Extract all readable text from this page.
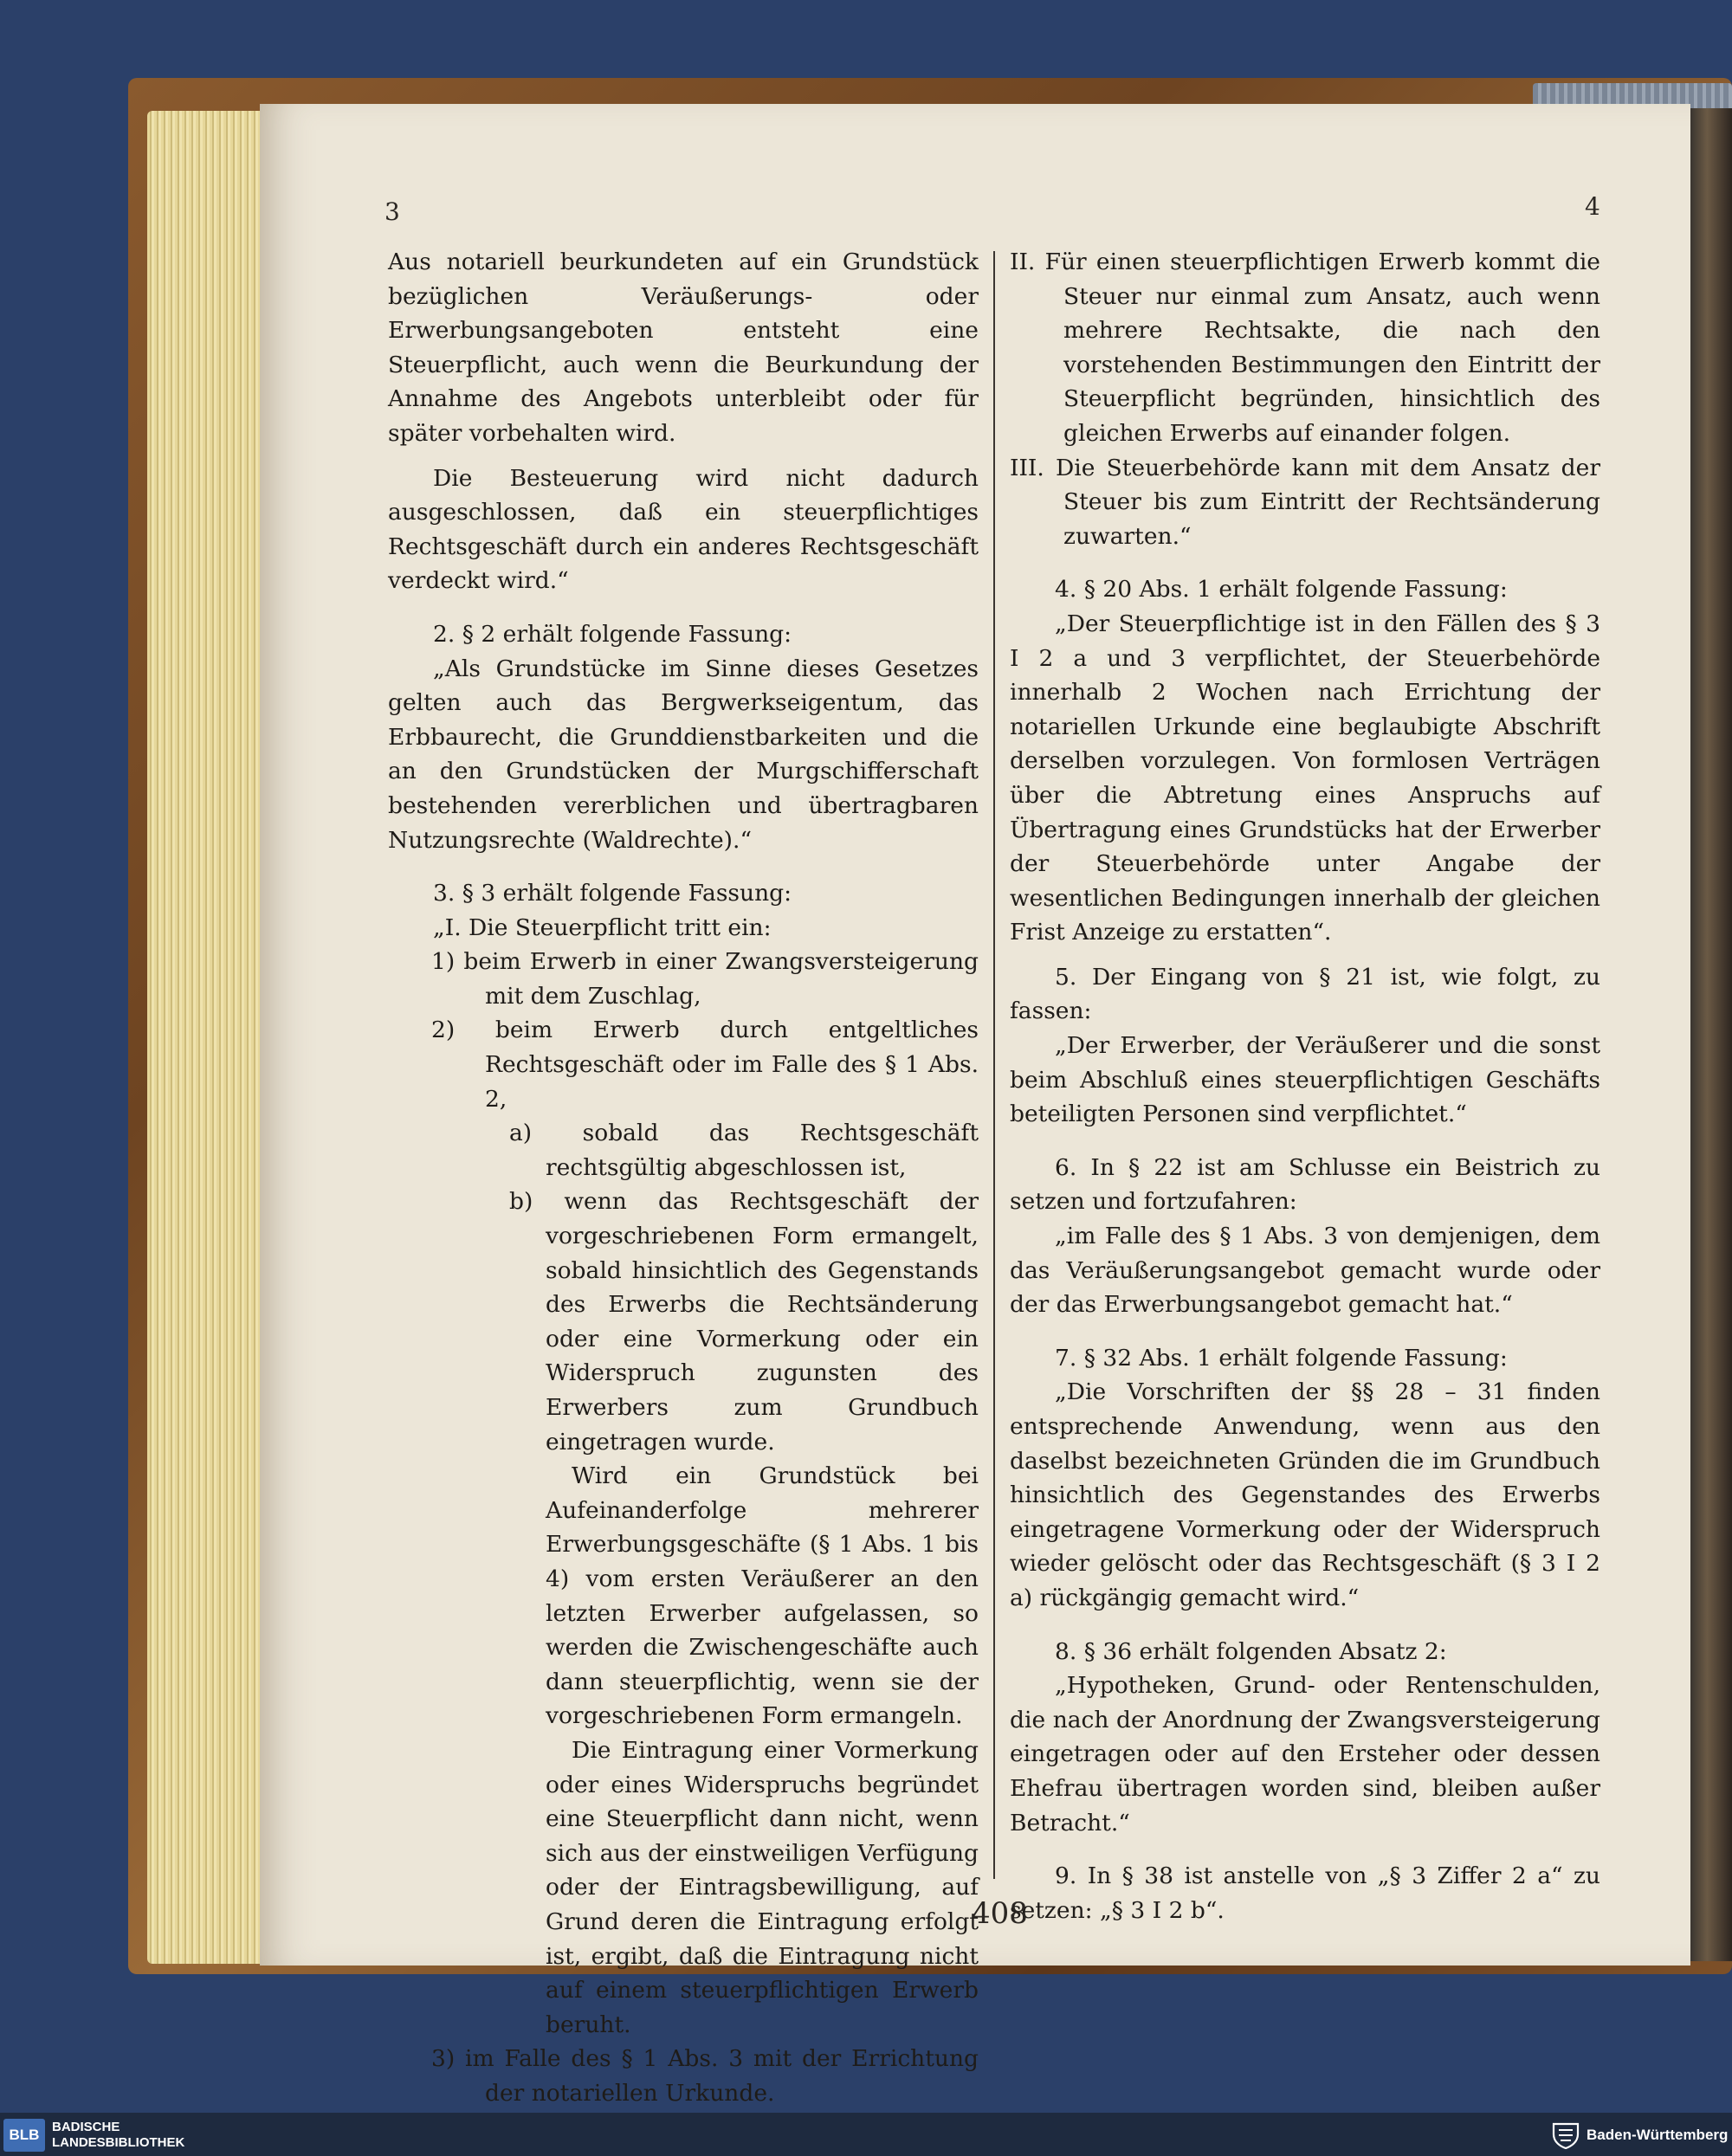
3	4

Aus notariell beurkundeten auf ein Grundstück bezüglichen Veräußerungs- oder Erwerbungsangeboten entsteht eine Steuerpflicht, auch wenn die Beurkundung der Annahme des Angebots unterbleibt oder für später vorbehalten wird.

Die Besteuerung wird nicht dadurch ausgeschlossen, daß ein steuerpflichtiges Rechtsgeschäft durch ein anderes Rechtsgeschäft verdeckt wird.“

2. § 2 erhält folgende Fassung:

„Als Grundstücke im Sinne dieses Gesetzes gelten auch das Bergwerkseigentum, das Erbbaurecht, die Grunddienstbarkeiten und die an den Grundstücken der Murgschifferschaft bestehenden vererblichen und übertragbaren Nutzungsrechte (Waldrechte).“

3. § 3 erhält folgende Fassung:

„I. Die Steuerpflicht tritt ein:

1) beim Erwerb in einer Zwangsversteigerung mit dem Zuschlag,

2) beim Erwerb durch entgeltliches Rechtsgeschäft oder im Falle des § 1 Abs. 2,

a) sobald das Rechtsgeschäft rechtsgültig abgeschlossen ist,

b) wenn das Rechtsgeschäft der vorgeschriebenen Form ermangelt, sobald hinsichtlich des Gegenstands des Erwerbs die Rechtsänderung oder eine Vormerkung oder ein Widerspruch zugunsten des Erwerbers zum Grundbuch eingetragen wurde.

Wird ein Grundstück bei Aufeinanderfolge mehrerer Erwerbungsgeschäfte (§ 1 Abs. 1 bis 4) vom ersten Veräußerer an den letzten Erwerber aufgelassen, so werden die Zwischengeschäfte auch dann steuerpflichtig, wenn sie der vorgeschriebenen Form ermangeln.

Die Eintragung einer Vormerkung oder eines Widerspruchs begründet eine Steuerpflicht dann nicht, wenn sich aus der einstweiligen Verfügung oder der Eintragsbewilligung, auf Grund deren die Eintragung erfolgt ist, ergibt, daß die Eintragung nicht auf einem steuerpflichtigen Erwerb beruht.

3) im Falle des § 1 Abs. 3 mit der Errichtung der notariellen Urkunde.

II. Für einen steuerpflichtigen Erwerb kommt die Steuer nur einmal zum Ansatz, auch wenn mehrere Rechtsakte, die nach den vorstehenden Bestimmungen den Eintritt der Steuerpflicht begründen, hinsichtlich des gleichen Erwerbs auf einander folgen.

III. Die Steuerbehörde kann mit dem Ansatz der Steuer bis zum Eintritt der Rechtsänderung zuwarten.“

4. § 20 Abs. 1 erhält folgende Fassung:

„Der Steuerpflichtige ist in den Fällen des § 3 I 2 a und 3 verpflichtet, der Steuerbehörde innerhalb 2 Wochen nach Errichtung der notariellen Urkunde eine beglaubigte Abschrift derselben vorzulegen. Von formlosen Verträgen über die Abtretung eines Anspruchs auf Übertragung eines Grundstücks hat der Erwerber der Steuerbehörde unter Angabe der wesentlichen Bedingungen innerhalb der gleichen Frist Anzeige zu erstatten“.

5. Der Eingang von § 21 ist, wie folgt, zu fassen:

„Der Erwerber, der Veräußerer und die sonst beim Abschluß eines steuerpflichtigen Geschäfts beteiligten Personen sind verpflichtet.“

6. In § 22 ist am Schlusse ein Beistrich zu setzen und fortzufahren:

„im Falle des § 1 Abs. 3 von demjenigen, dem das Veräußerungsangebot gemacht wurde oder der das Erwerbungsangebot gemacht hat.“

7. § 32 Abs. 1 erhält folgende Fassung:

„Die Vorschriften der §§ 28 – 31 finden entsprechende Anwendung, wenn aus den daselbst bezeichneten Gründen die im Grundbuch hinsichtlich des Gegenstandes des Erwerbs eingetragene Vormerkung oder der Widerspruch wieder gelöscht oder das Rechtsgeschäft (§ 3 I 2 a) rückgängig gemacht wird.“

8. § 36 erhält folgenden Absatz 2:

„Hypotheken, Grund- oder Rentenschulden, die nach der Anordnung der Zwangsversteigerung eingetragen oder auf den Ersteher oder dessen Ehefrau übertragen worden sind, bleiben außer Betracht.“

9. In § 38 ist anstelle von „§ 3 Ziffer 2 a“ zu setzen: „§ 3 I 2 b“.

408
BLB BADISCHE
LANDESBIBLIOTHEK	Baden-Württemberg
